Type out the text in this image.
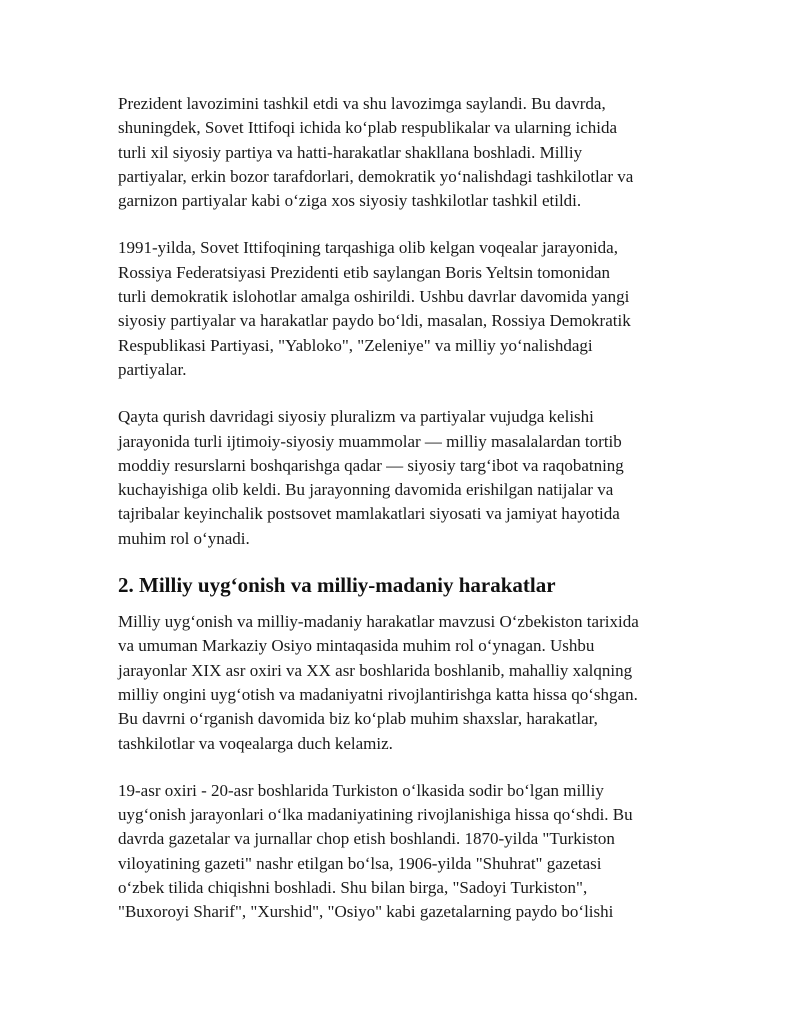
Prezident lavozimini tashkil etdi va shu lavozimga saylandi. Bu davrda,
shuningdek, Sovet Ittifoqi ichida ko‘plab respublikalar va ularning ichida
turli xil siyosiy partiya va hatti-harakatlar shakllana boshladi. Milliy
partiyalar, erkin bozor tarafdorlari, demokratik yo‘nalishdagi tashkilotlar va
garnizon partiyalar kabi o‘ziga xos siyosiy tashkilotlar tashkil etildi.

1991-yilda, Sovet Ittifoqining tarqashiga olib kelgan voqealar jarayonida,
Rossiya Federatsiyasi Prezidenti etib saylangan Boris Yeltsin tomonidan
turli demokratik islohotlar amalga oshirildi. Ushbu davrlar davomida yangi
siyosiy partiyalar va harakatlar paydo bo‘ldi, masalan, Rossiya Demokratik
Respublikasi Partiyasi, "Yabloko", "Zeleniye" va milliy yo‘nalishdagi
partiyalar.

Qayta qurish davridagi siyosiy pluralizm va partiyalar vujudga kelishi
jarayonida turli ijtimoiy-siyosiy muammolar — milliy masalalardan tortib
moddiy resurslarni boshqarishga qadar — siyosiy targ‘ibot va raqobatning
kuchayishiga olib keldi. Bu jarayonning davomida erishilgan natijalar va
tajribalar keyinchalik postsovet mamlakatlari siyosati va jamiyat hayotida
muhim rol o‘ynadi.

2. Milliy uyg‘onish va milliy-madaniy harakatlar

Milliy uyg‘onish va milliy-madaniy harakatlar mavzusi O‘zbekiston tarixida
va umuman Markaziy Osiyo mintaqasida muhim rol o‘ynagan. Ushbu
jarayonlar XIX asr oxiri va XX asr boshlarida boshlanib, mahalliy xalqning
milliy ongini uyg‘otish va madaniyatni rivojlantirishga katta hissa qo‘shgan.
Bu davrni o‘rganish davomida biz ko‘plab muhim shaxslar, harakatlar,
tashkilotlar va voqealarga duch kelamiz.

19-asr oxiri - 20-asr boshlarida Turkiston o‘lkasida sodir bo‘lgan milliy
uyg‘onish jarayonlari o‘lka madaniyatining rivojlanishiga hissa qo‘shdi. Bu
davrda gazetalar va jurnallar chop etish boshlandi. 1870-yilda "Turkiston
viloyatining gazeti" nashr etilgan bo‘lsa, 1906-yilda "Shuhrat" gazetasi
o‘zbek tilida chiqishni boshladi. Shu bilan birga, "Sadoyi Turkiston",
"Buxoroyi Sharif", "Xurshid", "Osiyo" kabi gazetalarning paydo bo‘lishi
